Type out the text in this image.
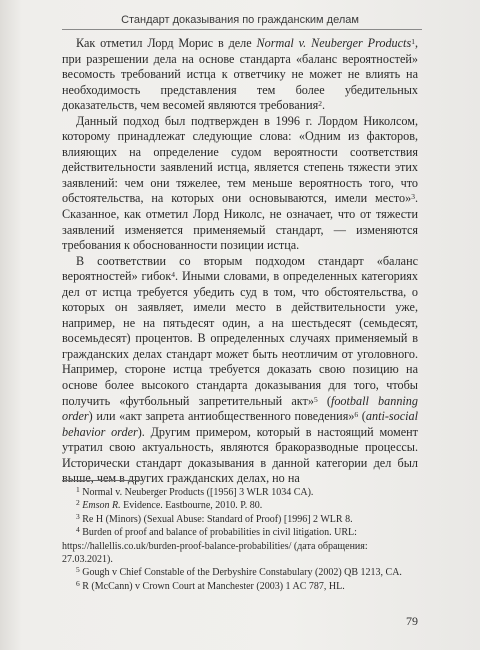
Стандарт доказывания по гражданским делам

Как отметил Лорд Морис в деле Normal v. Neuberger Products$^1$, при разрешении дела на основе стандарта «баланс вероятностей» весомость требований истца к ответчику не может не влиять на необходимость представления тем более убедительных доказательств, чем весомей являются требования$^2$.

Данный подход был подтвержден в 1996 г. Лордом Николсом, которому принадлежат следующие слова: «Одним из факторов, влияющих на определение судом вероятности соответствия действительности заявлений истца, является степень тяжести этих заявлений: чем они тяжелее, тем меньше вероятность того, что обстоятельства, на которых они основываются, имели место»$^3$. Сказанное, как отметил Лорд Николс, не означает, что от тяжести заявлений изменяется применяемый стандарт, — изменяются требования к обоснованности позиции истца.

В соответствии со вторым подходом стандарт «баланс вероятностей» гибок$^4$. Иными словами, в определенных категориях дел от истца требуется убедить суд в том, что обстоятельства, о которых он заявляет, имели место в действительности уже, например, не на пятьдесят один, а на шестьдесят (семьдесят, восемьдесят) процентов. В определенных случаях применяемый в гражданских делах стандарт может быть неотличим от уголовного. Например, стороне истца требуется доказать свою позицию на основе более высокого стандарта доказывания для того, чтобы получить «футбольный запретительный акт»$^5$ (football banning order) или «акт запрета антиобщественного поведения»$^6$ (anti-social behavior order). Другим примером, который в настоящий момент утратил свою актуальность, являются бракоразводные процессы. Исторически стандарт доказывания в данной категории дел был выше, чем в других гражданских делах, но на

$^1$ Normal v. Neuberger Products ([1956] 3 WLR 1034 CA).

$^2$ Emson R. Evidence. Eastbourne, 2010. P. 80.

$^3$ Re H (Minors) (Sexual Abuse: Standard of Proof) [1996] 2 WLR 8.

$^4$ Burden of proof and balance of probabilities in civil litigation. URL: https://hallellis.co.uk/burden-proof-balance-probabilities/ (дата обращения: 27.03.2021).

$^5$ Gough v Chief Constable of the Derbyshire Constabulary (2002) QB 1213, CA.

$^6$ R (McCann) v Crown Court at Manchester (2003) 1 AC 787, HL.

79
